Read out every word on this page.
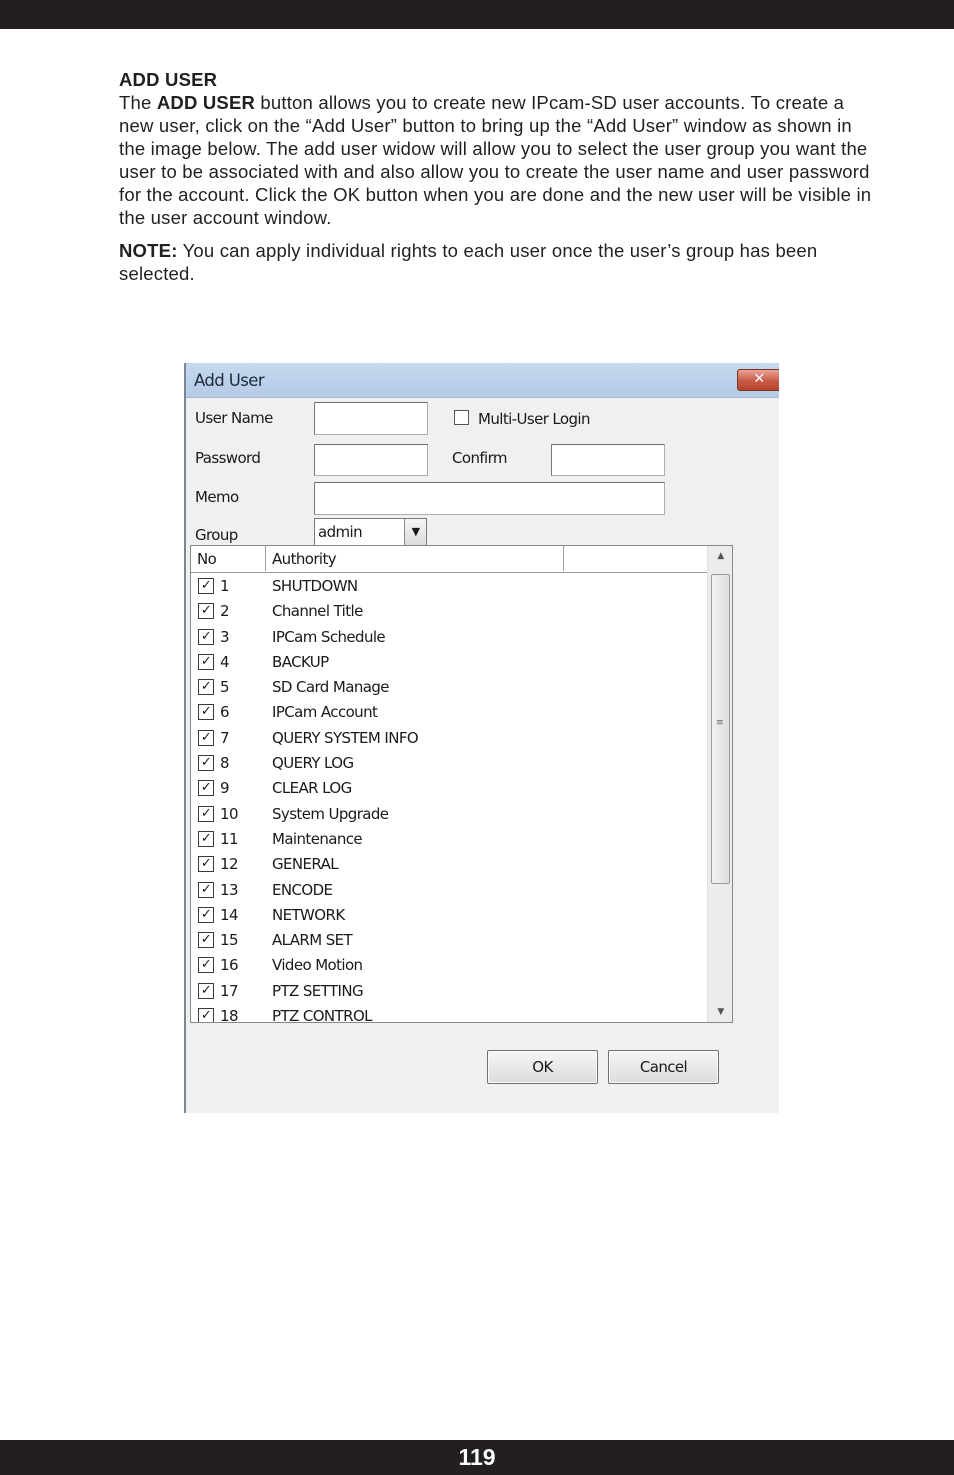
ADD USER

The ADD USER button allows you to create new IPcam-SD user accounts. To create a new user, click on the “Add User” button to bring up the “Add User” window as shown in the image below. The add user widow will allow you to select the user group you want the user to be associated with and also allow you to create the user name and user password for the account. Click the OK button when you are done and the new user will be visible in the user account window.

NOTE: You can apply individual rights to each user once the user’s group has been selected.

Add User	✕
User Name	Multi-User Login
Password	Confirm
Memo
Group	admin	▼
No	Authority
✓ 1	SHUTDOWN
✓ 2	Channel Title
✓ 3	IPCam Schedule
✓ 4	BACKUP
✓ 5	SD Card Manage
✓ 6	IPCam Account
✓ 7	QUERY SYSTEM INFO
✓ 8	QUERY LOG
✓ 9	CLEAR LOG
✓ 10 System Upgrade
✓ 11 Maintenance
✓ 12 GENERAL
✓ 13 ENCODE
✓ 14 NETWORK
✓ 15 ALARM SET
✓ 16 Video Motion
✓ 17 PTZ SETTING
✓ 18 PTZ CONTROL
▲
≡
▼
OK	Cancel
119
